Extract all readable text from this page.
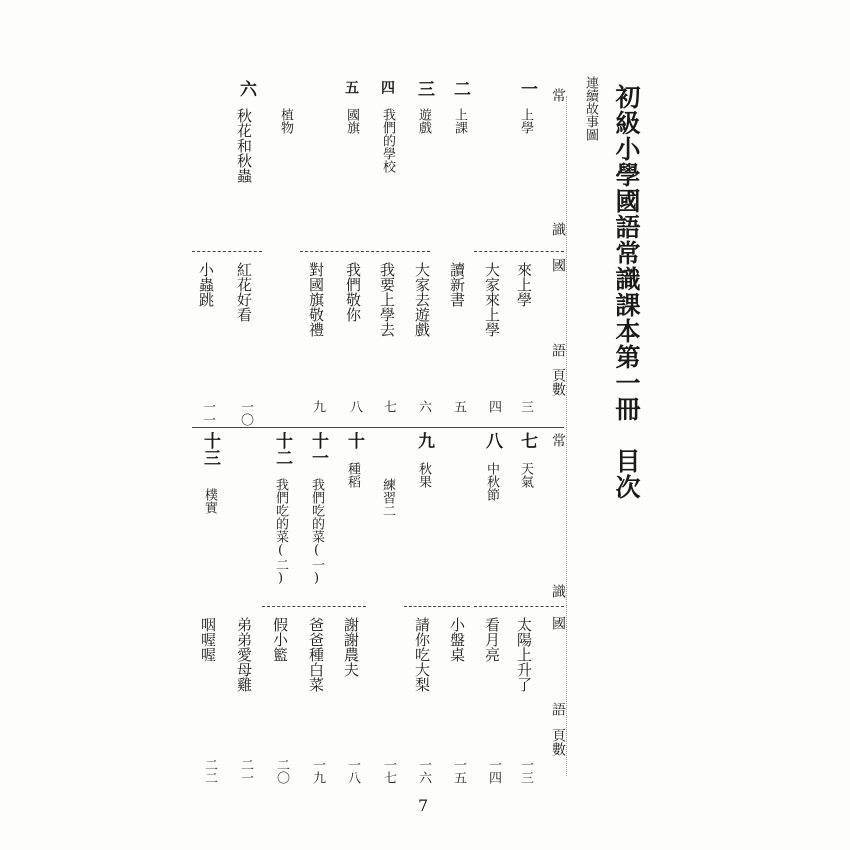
初級小學國語常識課本第一冊　目次
常
識
國
語
頁數
連續故事圖
一
上學
來上學
三
大家來上學
四
二
上課
讀新書
五
三
遊戲
大家去遊戲
六
四
我們的學校
我要上學去
七
我們敬你
八
五
國旗
對國旗敬禮
九
植物
六
秋花和秋蟲
紅花好看
一〇
小蟲跳
一一
常
識
國
語
頁數
七
天氣
太陽上升了
一三
八
中秋節
看月亮
一四
九
秋果
小盤桌
一五
請你吃大梨
一六
練習二
一七
十
種稻
謝謝農夫
一八
十一
我們吃的菜(一)
爸爸種白菜
一九
十二
我們吃的菜(二)
假小籃
二〇
十三
樸實
弟弟愛母雞
二一
咽喔喔
二二
7
